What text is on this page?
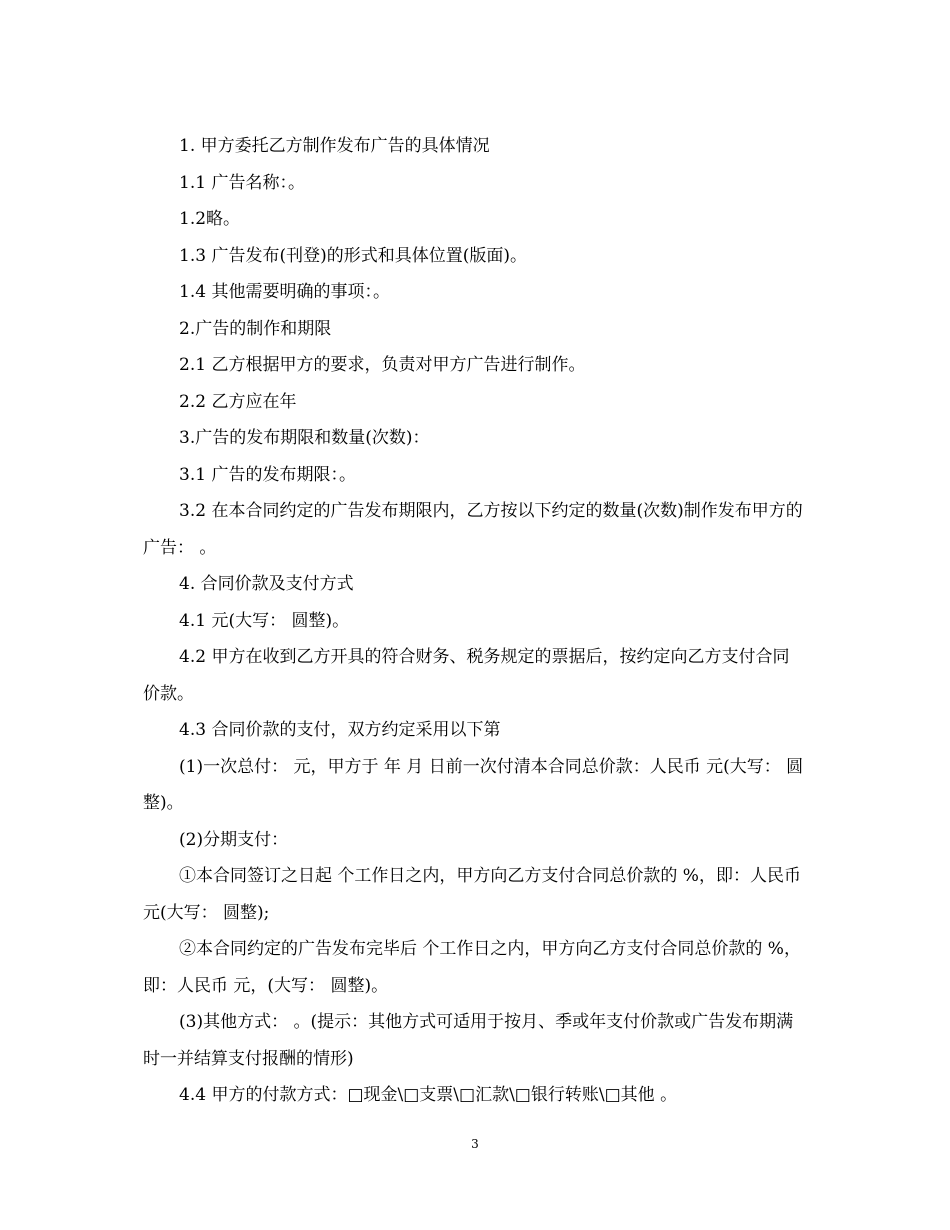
1. 甲方委托乙方制作发布广告的具体情况

1.1 广告名称：。

1.2略。

1.3 广告发布(刊登)的形式和具体位置(版面)。

1.4 其他需要明确的事项：。

2.广告的制作和期限

2.1 乙方根据甲方的要求，负责对甲方广告进行制作。

2.2 乙方应在年

3.广告的发布期限和数量(次数)：

3.1 广告的发布期限：。

3.2 在本合同约定的广告发布期限内，乙方按以下约定的数量(次数)制作发布甲方的广告： 。

4. 合同价款及支付方式

4.1 元(大写： 圆整)。

4.2 甲方在收到乙方开具的符合财务、税务规定的票据后，按约定向乙方支付合同价款。

4.3 合同价款的支付，双方约定采用以下第

(1)一次总付： 元，甲方于 年 月 日前一次付清本合同总价款：人民币 元(大写： 圆整)。

(2)分期支付：

①本合同签订之日起 个工作日之内，甲方向乙方支付合同总价款的 %，即：人民币 元(大写： 圆整);

②本合同约定的广告发布完毕后 个工作日之内，甲方向乙方支付合同总价款的 %，即：人民币 元，(大写： 圆整)。

(3)其他方式： 。(提示：其他方式可适用于按月、季或年支付价款或广告发布期满时一并结算支付报酬的情形)

4.4 甲方的付款方式：□现金\□支票\□汇款\□银行转账\□其他 。

3
